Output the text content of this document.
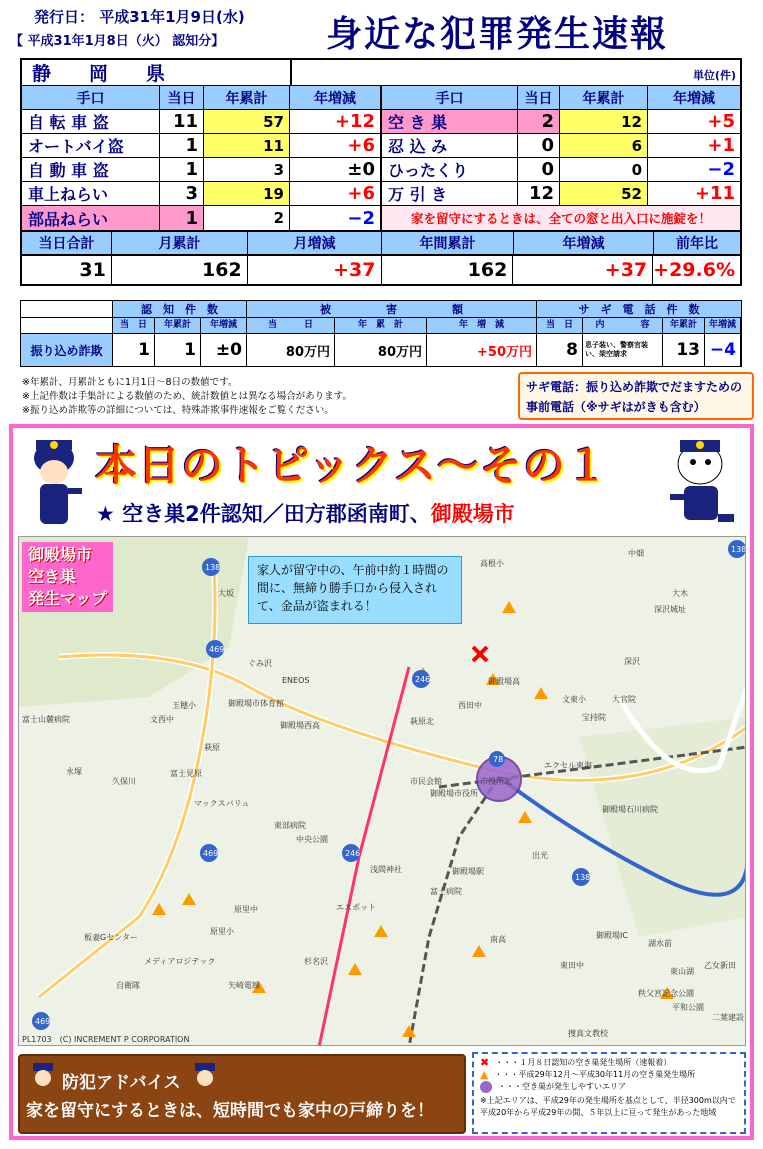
発行日： 平成31年1月9日(水)
【 平成31年1月8日（火） 認知分】	身近な犯罪発生速報
静　　岡　　県	単位(件)
手口	当日	年累計	年増減	手口	当日	年累計	年増減
自 転 車 盗	11	57	+12 空 き 巣	2	12	+5
オートバイ盗	1	11	+6 忍 込 み	0	6	+1
自 動 車 盗	1	3	±0 ひったくり	0	0	−2
車上ねらい	3	19	+6 万 引 き	12	52	+11
部品ねらい	1	2	−2	家を留守にするときは、全ての窓と出入口に施錠を！
当日合計	月累計	月増減	年間累計	年増減	前年比
31	162	+37	162	+37 +29.6%
認　知　件　数	被　　　　　害　　　　　額	サ　ギ　電　話　件　数
当　日	年累計	年増減	当　　　日	年　累　計	年　増　減	当　日	内　　　　容	年累計	年増減
振り込め詐欺	1	1	±0	80万円	80万円	+50万円	8	息子装い、警察官装い、架空請求	13 −4
※年累計、月累計ともに1月1日～8日の数値です。
※上記件数は手集計による数値のため、統計数値とは異なる場合があります。
※振り込め詐欺等の詳細については、特殊詐欺事件速報をご覧ください。
サギ電話：振り込め詐欺でだますための事前電話（※サギはがきも含む）
本日のトピックス～その１
★ 空き巣2件認知／田方郡函南町、御殿場市
138
469
469
469
246
246
78
138
138
富士山麓病院	文西中
玉穂小	御殿場市体育館
御殿場西高
萩原
富士見原
久保川
永塚
マックスバリュ
東部病院
市民会館
御殿場市役所
中央公園
浅間神社	御殿場駅
富士病院
エスポット
原里中
原里小
板妻Gセンター
メディアロジテック
自衛隊	矢崎電線
杉名沢
西田中
宝持院
エクセル東海
御殿場石川病院
出光
東田中
南高	御殿場IC
湖水前
乙女新田
東山湖
秩父宮記念公園
平和公園
二葉建設
捜真文教校
深沢
中畑
ENEOS
大坂
高根小
大官院
大木
深沢城址
御殿場高
文東小
ぐみ沢
市役所北
萩原北
御殿場市
空き巣
発生マップ
家人が留守中の、午前中約１時間の間に、無締り勝手口から侵入されて、金品が盗まれる！
PL1703　(C) INCREMENT P CORPORATION
防犯アドバイス
家を留守にするときは、短時間でも家中の戸締りを！
✖ ・・・１月８日認知の空き巣発生場所（速報着）
▲ ・・・平成29年12月～平成30年11月の空き巣発生場所
・・・空き巣が発生しやすいエリア
※上記エリアは、平成29年の発生場所を基点として、半径300m以内で平成20年から平成29年の間、５年以上に亘って発生があった地域
